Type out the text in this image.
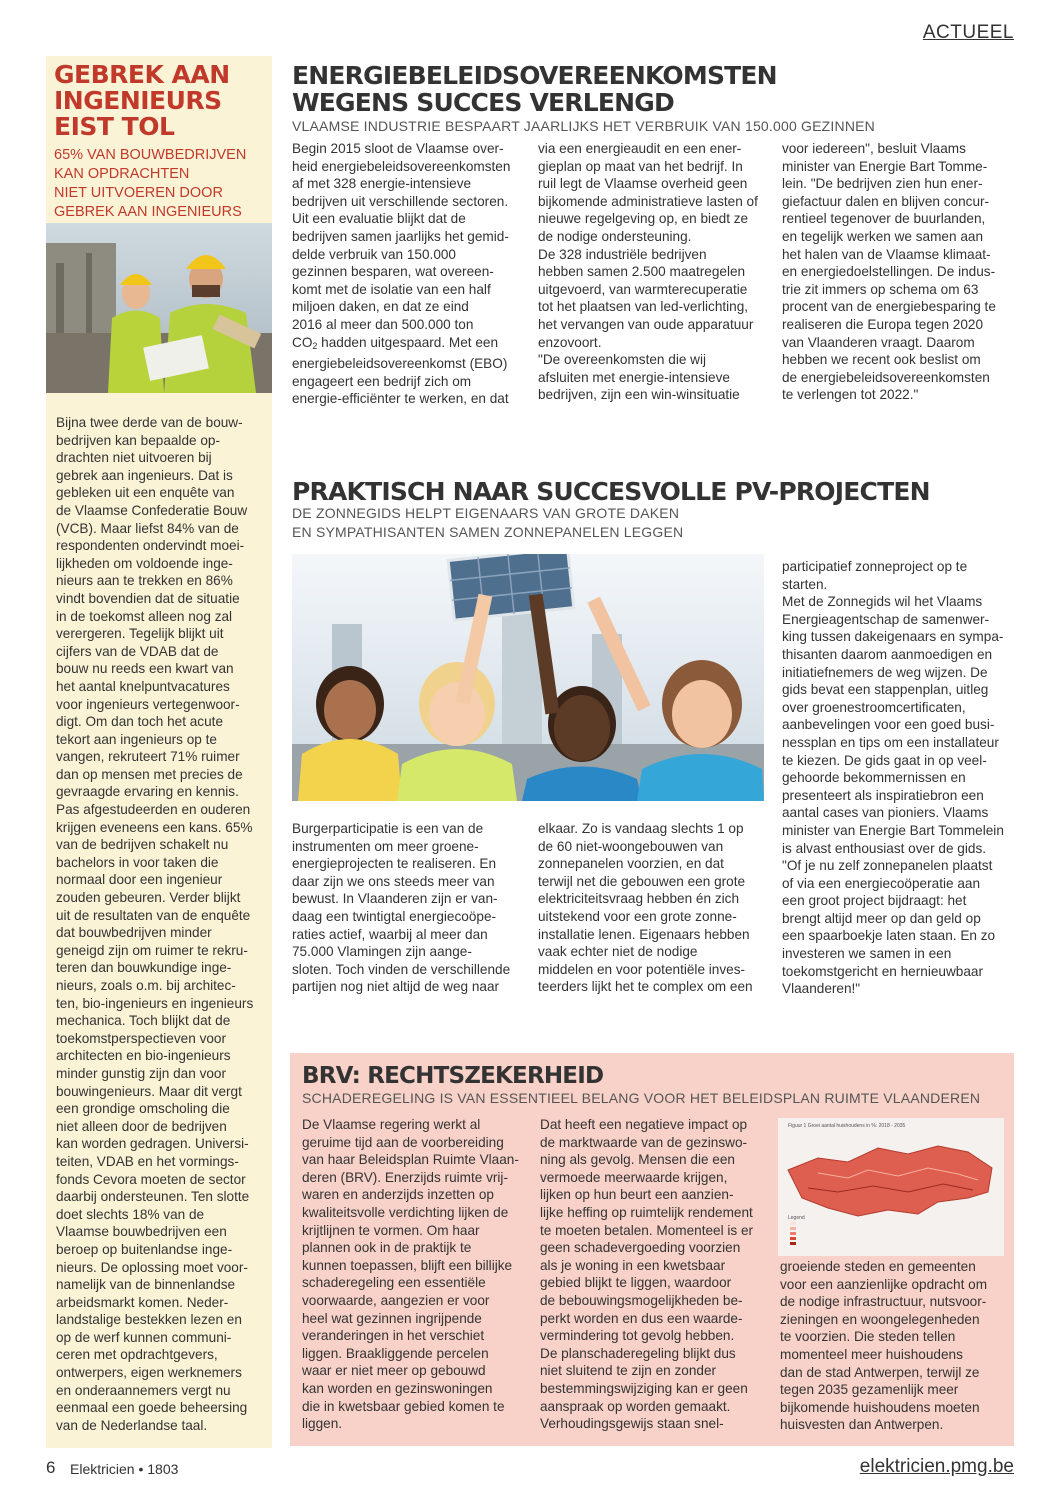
ACTUEEL
GEBREK AAN
INGENIEURS
EIST TOL
65% VAN BOUWBEDRIJVEN
KAN OPDRACHTEN
NIET UITVOEREN DOOR
GEBREK AAN INGENIEURS
Bijna twee derde van de bouw-
bedrijven kan bepaalde op-
drachten niet uitvoeren bij
gebrek aan ingenieurs. Dat is
gebleken uit een enquête van
de Vlaamse Confederatie Bouw
(VCB). Maar liefst 84% van de
respondenten ondervindt moei-
lijkheden om voldoende inge-
nieurs aan te trekken en 86%
vindt bovendien dat de situatie
in de toekomst alleen nog zal
verergeren. Tegelijk blijkt uit
cijfers van de VDAB dat de
bouw nu reeds een kwart van
het aantal knelpuntvacatures
voor ingenieurs vertegenwoor-
digt. Om dan toch het acute
tekort aan ingenieurs op te
vangen, rekruteert 71% ruimer
dan op mensen met precies de
gevraagde ervaring en kennis.
Pas afgestudeerden en ouderen
krijgen eveneens een kans. 65%
van de bedrijven schakelt nu
bachelors in voor taken die
normaal door een ingenieur
zouden gebeuren. Verder blijkt
uit de resultaten van de enquête
dat bouwbedrijven minder
geneigd zijn om ruimer te rekru-
teren dan bouwkundige inge-
nieurs, zoals o.m. bij architec-
ten, bio-ingenieurs en ingenieurs
mechanica. Toch blijkt dat de
toekomstperspectieven voor
architecten en bio-ingenieurs
minder gunstig zijn dan voor
bouwingenieurs. Maar dit vergt
een grondige omscholing die
niet alleen door de bedrijven
kan worden gedragen. Universi-
teiten, VDAB en het vormings-
fonds Cevora moeten de sector
daarbij ondersteunen. Ten slotte
doet slechts 18% van de
Vlaamse bouwbedrijven een
beroep op buitenlandse inge-
nieurs. De oplossing moet voor-
namelijk van de binnenlandse
arbeidsmarkt komen. Neder-
landstalige bestekken lezen en
op de werf kunnen communi-
ceren met opdrachtgevers,
ontwerpers, eigen werknemers
en onderaannemers vergt nu
eenmaal een goede beheersing
van de Nederlandse taal.
ENERGIEBELEIDSOVEREENKOMSTEN
WEGENS SUCCES VERLENGD
VLAAMSE INDUSTRIE BESPAART JAARLIJKS HET VERBRUIK VAN 150.000 GEZINNEN
Begin 2015 sloot de Vlaamse over-
heid energiebeleidsovereenkomsten
af met 328 energie-intensieve
bedrijven uit verschillende sectoren.
Uit een evaluatie blijkt dat de
bedrijven samen jaarlijks het gemid-
delde verbruik van 150.000
gezinnen besparen, wat overeen-
komt met de isolatie van een half
miljoen daken, en dat ze eind
2016 al meer dan 500.000 ton
CO2 hadden uitgespaard. Met een
energiebeleidsovereenkomst (EBO)
engageert een bedrijf zich om
energie-efficiënter te werken, en dat
via een energieaudit en een ener-
gieplan op maat van het bedrijf. In
ruil legt de Vlaamse overheid geen
bijkomende administratieve lasten of
nieuwe regelgeving op, en biedt ze
de nodige ondersteuning.
De 328 industriële bedrijven
hebben samen 2.500 maatregelen
uitgevoerd, van warmterecuperatie
tot het plaatsen van led-verlichting,
het vervangen van oude apparatuur
enzovoort.
"De overeenkomsten die wij
afsluiten met energie-intensieve
bedrijven, zijn een win-winsituatie
voor iedereen", besluit Vlaams
minister van Energie Bart Tomme-
lein. "De bedrijven zien hun ener-
giefactuur dalen en blijven concur-
rentieel tegenover de buurlanden,
en tegelijk werken we samen aan
het halen van de Vlaamse klimaat-
en energiedoelstellingen. De indus-
trie zit immers op schema om 63
procent van de energiebesparing te
realiseren die Europa tegen 2020
van Vlaanderen vraagt. Daarom
hebben we recent ook beslist om
de energiebeleidsovereenkomsten
te verlengen tot 2022."
PRAKTISCH NAAR SUCCESVOLLE PV-PROJECTEN
DE ZONNEGIDS HELPT EIGENAARS VAN GROTE DAKEN
EN SYMPATHISANTEN SAMEN ZONNEPANELEN LEGGEN
Burgerparticipatie is een van de
instrumenten om meer groene-
energieprojecten te realiseren. En
daar zijn we ons steeds meer van
bewust. In Vlaanderen zijn er van-
daag een twintigtal energiecoöpe-
raties actief, waarbij al meer dan
75.000 Vlamingen zijn aange-
sloten. Toch vinden de verschillende
partijen nog niet altijd de weg naar
elkaar. Zo is vandaag slechts 1 op
de 60 niet-woongebouwen van
zonnepanelen voorzien, en dat
terwijl net die gebouwen een grote
elektriciteitsvraag hebben én zich
uitstekend voor een grote zonne-
installatie lenen. Eigenaars hebben
vaak echter niet de nodige
middelen en voor potentiële inves-
teerders lijkt het te complex om een
participatief zonneproject op te
starten.
Met de Zonnegids wil het Vlaams
Energieagentschap de samenwer-
king tussen dakeigenaars en sympa-
thisanten daarom aanmoedigen en
initiatiefnemers de weg wijzen. De
gids bevat een stappenplan, uitleg
over groenestroomcertificaten,
aanbevelingen voor een goed busi-
nessplan en tips om een installateur
te kiezen. De gids gaat in op veel-
gehoorde bekommernissen en
presenteert als inspiratiebron een
aantal cases van pioniers. Vlaams
minister van Energie Bart Tommelein
is alvast enthousiast over de gids.
"Of je nu zelf zonnepanelen plaatst
of via een energiecoöperatie aan
een groot project bijdraagt: het
brengt altijd meer op dan geld op
een spaarboekje laten staan. En zo
investeren we samen in een
toekomstgericht en hernieuwbaar
Vlaanderen!"
BRV: RECHTSZEKERHEID
SCHADEREGELING IS VAN ESSENTIEEL BELANG VOOR HET BELEIDSPLAN RUIMTE VLAANDEREN
De Vlaamse regering werkt al
geruime tijd aan de voorbereiding
van haar Beleidsplan Ruimte Vlaan-
deren (BRV). Enerzijds ruimte vrij-
waren en anderzijds inzetten op
kwaliteitsvolle verdichting lijken de
krijtlijnen te vormen. Om haar
plannen ook in de praktijk te
kunnen toepassen, blijft een billijke
schaderegeling een essentiële
voorwaarde, aangezien er voor
heel wat gezinnen ingrijpende
veranderingen in het verschiet
liggen. Braakliggende percelen
waar er niet meer op gebouwd
kan worden en gezinswoningen
die in kwetsbaar gebied komen te
liggen.
Dat heeft een negatieve impact op
de marktwaarde van de gezinswo-
ning als gevolg. Mensen die een
vermoede meerwaarde krijgen,
lijken op hun beurt een aanzien-
lijke heffing op ruimtelijk rendement
te moeten betalen. Momenteel is er
geen schadevergoeding voorzien
als je woning in een kwetsbaar
gebied blijkt te liggen, waardoor
de bebouwingsmogelijkheden be-
perkt worden en dus een waarde-
vermindering tot gevolg hebben.
De planschaderegeling blijkt dus
niet sluitend te zijn en zonder
bestemmingswijziging kan er geen
aanspraak op worden gemaakt.
Verhoudingsgewijs staan snel-
Figuur 1 Groei aantal huishoudens in %: 2018 - 2035
Legend
groeiende steden en gemeenten
voor een aanzienlijke opdracht om
de nodige infrastructuur, nutsvoor-
zieningen en woongelegenheden
te voorzien. Die steden tellen
momenteel meer huishoudens
dan de stad Antwerpen, terwijl ze
tegen 2035 gezamenlijk meer
bijkomende huishoudens moeten
huisvesten dan Antwerpen.
6 Elektricien • 1803	elektricien.pmg.be
